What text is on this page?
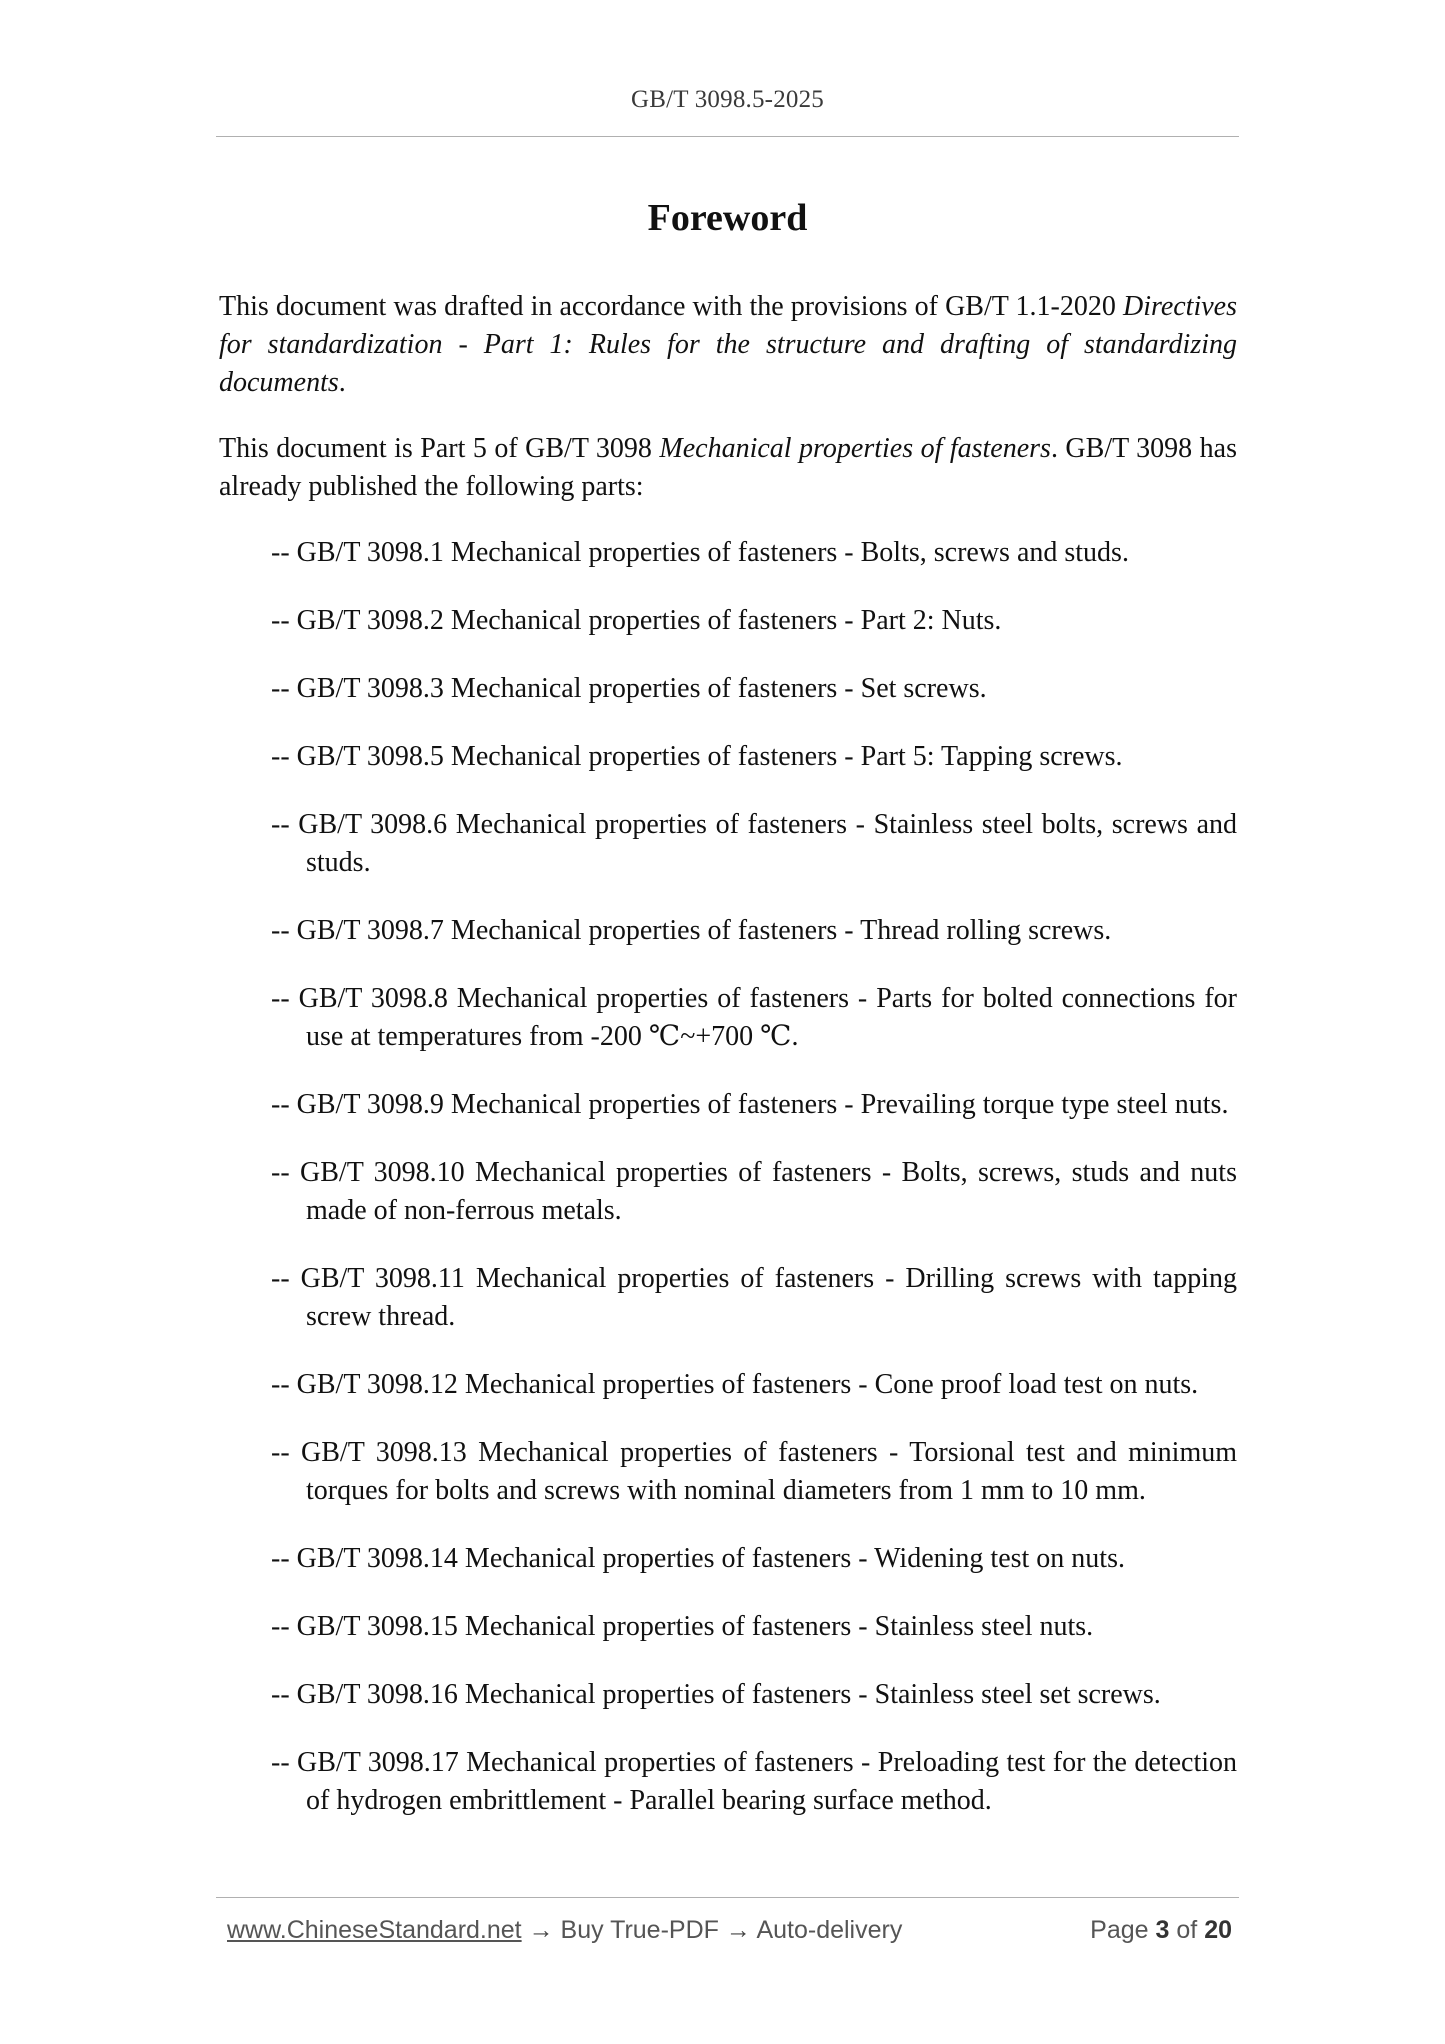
GB/T 3098.5-2025
Foreword

This document was drafted in accordance with the provisions of GB/T 1.1-2020 Directives for standardization - Part 1: Rules for the structure and drafting of standardizing documents.

This document is Part 5 of GB/T 3098 Mechanical properties of fasteners. GB/T 3098 has already published the following parts:

-- GB/T 3098.1 Mechanical properties of fasteners - Bolts, screws and studs.
-- GB/T 3098.2 Mechanical properties of fasteners - Part 2: Nuts.
-- GB/T 3098.3 Mechanical properties of fasteners - Set screws.
-- GB/T 3098.5 Mechanical properties of fasteners - Part 5: Tapping screws.
-- GB/T 3098.6 Mechanical properties of fasteners - Stainless steel bolts, screws and studs.
-- GB/T 3098.7 Mechanical properties of fasteners - Thread rolling screws.
-- GB/T 3098.8 Mechanical properties of fasteners - Parts for bolted connections for use at temperatures from -200 ℃~+700 ℃.
-- GB/T 3098.9 Mechanical properties of fasteners - Prevailing torque type steel nuts.
-- GB/T 3098.10 Mechanical properties of fasteners - Bolts, screws, studs and nuts made of non-ferrous metals.
-- GB/T 3098.11 Mechanical properties of fasteners - Drilling screws with tapping screw thread.
-- GB/T 3098.12 Mechanical properties of fasteners - Cone proof load test on nuts.
-- GB/T 3098.13 Mechanical properties of fasteners - Torsional test and minimum torques for bolts and screws with nominal diameters from 1 mm to 10 mm.
-- GB/T 3098.14 Mechanical properties of fasteners - Widening test on nuts.
-- GB/T 3098.15 Mechanical properties of fasteners - Stainless steel nuts.
-- GB/T 3098.16 Mechanical properties of fasteners - Stainless steel set screws.
-- GB/T 3098.17 Mechanical properties of fasteners - Preloading test for the detection of hydrogen embrittlement - Parallel bearing surface method.
www.ChineseStandard.net → Buy True-PDF → Auto-delivery	Page 3 of 20
